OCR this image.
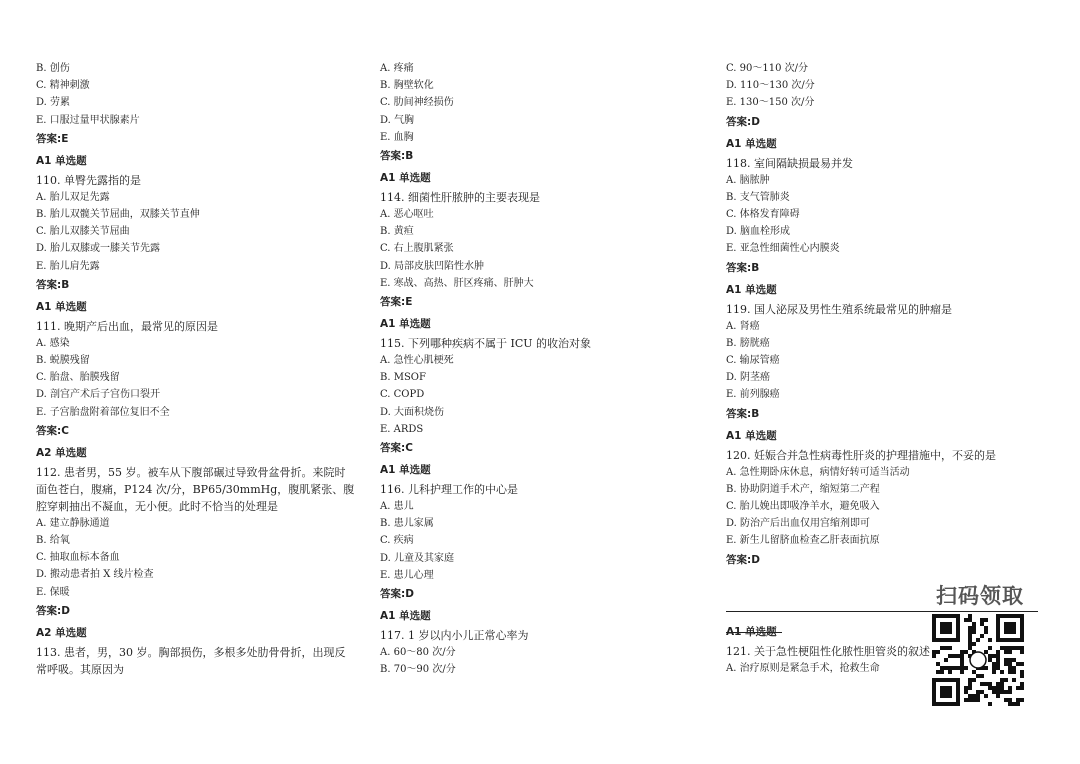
B. 创伤
C. 精神刺激
D. 劳累
E. 口服过量甲状腺素片
答案:E
A1 单选题
110. 单臀先露指的是
A. 胎儿双足先露
B. 胎儿双髋关节屈曲，双膝关节直伸
C. 胎儿双膝关节屈曲
D. 胎儿双膝或一膝关节先露
E. 胎儿肩先露
答案:B
A1 单选题
111. 晚期产后出血，最常见的原因是
A. 感染
B. 蜕膜残留
C. 胎盘、胎膜残留
D. 剖宫产术后子宫伤口裂开
E. 子宫胎盘附着部位复旧不全
答案:C
A2 单选题
112. 患者男，55 岁。被车从下腹部碾过导致骨盆骨折。来院时面色苍白，腹痛，P124 次/分，BP65/30mmHg，腹肌紧张、腹腔穿刺抽出不凝血，无小便。此时不恰当的处理是
A. 建立静脉通道
B. 给氧
C. 抽取血标本备血
D. 搬动患者拍 X 线片检查
E. 保暖
答案:D
A2 单选题
113. 患者，男，30 岁。胸部损伤，多根多处肋骨骨折，出现反常呼吸。其原因为
A. 疼痛
B. 胸壁软化
C. 肋间神经损伤
D. 气胸
E. 血胸
答案:B
A1 单选题
114. 细菌性肝脓肿的主要表现是
A. 恶心呕吐
B. 黄疸
C. 右上腹肌紧张
D. 局部皮肤凹陷性水肿
E. 寒战、高热、肝区疼痛、肝肿大
答案:E
A1 单选题
115. 下列哪种疾病不属于 ICU 的收治对象
A. 急性心肌梗死
B. MSOF
C. COPD
D. 大面积烧伤
E. ARDS
答案:C
A1 单选题
116. 儿科护理工作的中心是
A. 患儿
B. 患儿家属
C. 疾病
D. 儿童及其家庭
E. 患儿心理
答案:D
A1 单选题
117. 1 岁以内小儿正常心率为
A. 60～80 次/分
B. 70～90 次/分
C. 90～110 次/分
D. 110～130 次/分
E. 130～150 次/分
答案:D
A1 单选题
118. 室间隔缺损最易并发
A. 脑脓肿
B. 支气管肺炎
C. 体格发育障碍
D. 脑血栓形成
E. 亚急性细菌性心内膜炎
答案:B
A1 单选题
119. 国人泌尿及男性生殖系统最常见的肿瘤是
A. 肾癌
B. 膀胱癌
C. 输尿管癌
D. 阴茎癌
E. 前列腺癌
答案:B
A1 单选题
120. 妊娠合并急性病毒性肝炎的护理措施中，不妥的是
A. 急性期卧床休息，病情好转可适当活动
B. 协助阴道手术产，缩短第二产程
C. 胎儿娩出即吸净羊水，避免吸入
D. 防治产后出血仅用宫缩剂即可
E. 新生儿留脐血检查乙肝表面抗原
答案:D
A1 单选题
121. 关于急性梗阻性化脓性胆管炎的叙述
A. 治疗原则是紧急手术，抢救生命
扫码领取
